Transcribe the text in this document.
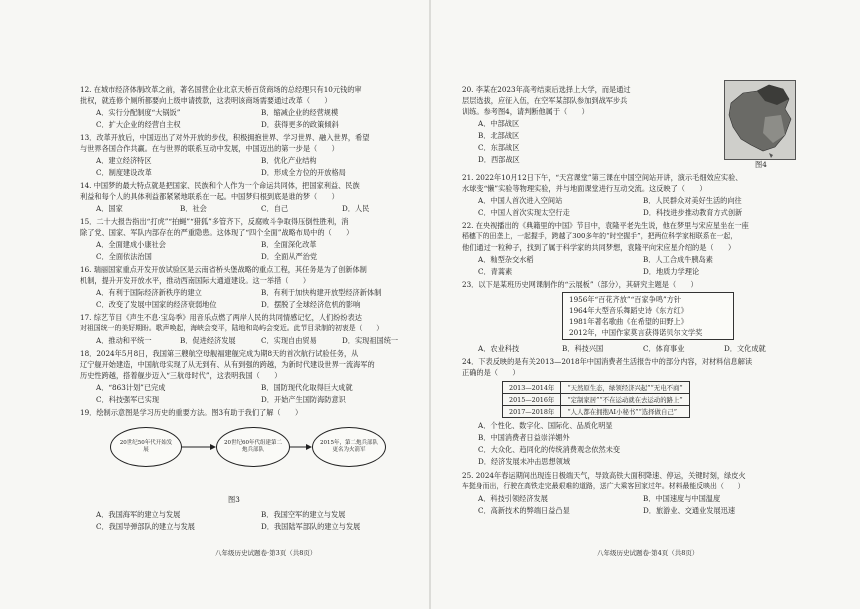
12. 在城市经济体制改革之前，著名国营企业北京天桥百货商场的总经理只有10元钱的审
批权，就连修个厕所都要向上级申请拨款，这表明该商场需要通过改革（　　）
A．实行分配制度“大锅饭”	B．缩减企业的经营规模
C．扩大企业的经营自主权	D．获得更多的政策倾斜
13．改革开放后，中国迈出了对外开放的步伐，积极拥抱世界、学习世界、融入世界，希望
与世界各国合作共赢。在与世界的联系互动中发展，中国迈出的第一步是（　　）
A．建立经济特区	B．优化产业结构
C．制度建设改革	D．形成全方位的开放格局
14. 中国梦的最大特点就是把国家、民族和个人作为一个命运共同体，把国家利益、民族
利益和每个人的具体利益都紧紧地联系在一起。中国梦归根到底是谁的梦（　　）
A．国家	B．社会	C．自己	D．人民
15．二十大报告指出“打虎”“拍蝇”“猎狐”多管齐下，反腐败斗争取得压倒性胜利，消
除了党、国家、军队内部存在的严重隐患。这体现了“四个全面”战略布局中的（　　）
A．全面建成小康社会	B．全面深化改革
C．全面依法治国	D．全面从严治党
16. 瑞丽国家重点开发开放试验区是云南省桥头堡战略的重点工程，其任务是为了创新体制
机制，提升开发开放水平，推动西南国际大通道建设。这一举措（　　）
A．有利于国际经济新秩序的建立	B．有利于加快构建开放型经济新体制
C．改变了发展中国家的经济衰弱地位	D．摆脱了全球经济危机的影响
17. 综艺节目《声生不息·宝岛季》用音乐点燃了两岸人民的共同情感记忆，人们纷纷表达
对祖国统一的美好期盼。歌声唤起，海峡会变平，陆地和岛屿会变近。此节目录制的初衷是（　　）
A．推动和平统一	B．促进经济发展	C．实现自由贸易	D．实现祖国统一
18．2024年5月8日，我国第三艘航空母舰福建舰完成为期8天的首次航行试验任务，从
辽宁舰开始建造，中国航母实现了从无到有、从有到强的跨越，为新时代建设世界一流海军的
历史性跨越，搭着舰步迈入“三航母时代”，这表明我国（　　）
A．“863计划”已完成	B．国防现代化取得巨大成就
C．科技强军已实现	D．开始产生国防海防意识
19．绘制示意图是学习历史的重要方法。图3有助于我们了解（　　）
20世纪50年代开始发展
20世纪60年代组建第二炮兵部队
2015年，第二炮兵部队更名为火箭军
图3
A．我国海军的建立与发展	B．我国空军的建立与发展
C．我国导弹部队的建立与发展	D．我国陆军部队的建立与发展
八年级历史试题卷·第3页（共8页）
20. 李某在2023年高考结束后选择上大学，而是通过
层层选拔，应征入伍，在空军某部队参加到战军步兵
训练。参考图4，请判断他属于（　　）
A．中部战区
B．北部战区
C．东部战区
D．西部战区
图4
21. 2022年10月12日下午，“天宫课堂”第三课在中国空间站开讲，演示毛细效应实验、
水球变“懒”实验等物理实验，并与地面课堂进行互动交流。这反映了（　　）
A．中国人首次进入空间站	B．人民群众对美好生活的向往
C．中国人首次实现太空行走	D．科技进步推动教育方式创新
22. 在央视播出的《典籍里的中国》节目中，袁隆平老先生说，他在梦里与宋应星坐在一座
稻穗下的田垄上，一起握手，跨越了300多年的“时空握手”，把两位科学家相联系在一起，
他们通过一粒种子，找到了属于科学家的共同梦想，袁隆平向宋应星介绍的是（　　）
A．籼型杂交水稻	B．人工合成牛胰岛素
C．青蒿素	D．地质力学理论
23．以下是某班历史网课制作的“云展板”（部分），其研究主题是（　　）
1956年“百花齐放”“百家争鸣”方针
1964年大型音乐舞蹈史诗《东方红》
1981年著名歌曲《在希望的田野上》
2012年，中国作家莫言获得诺贝尔文学奖
A．农业科技	B．科技兴国	C．体育事业	D．文化成就
24．下表反映的是有关2013—2018年中国消费者生活报告中的部分内容，对材料信息解读
正确的是（　　）
2013—2014年	“天然原生态，绿领经济兴起”“无电不商”
2015—2016年	“定制家居”“不在运动就在去运动的路上”
2017—2018年	“人人都在拥抱AI小秘书”“选择做自己”
A．个性化、数字化、国际化、品质化明显
B．中国消费者日益崇洋媚外
C．大众化、趋同化的传统消费观念依然未变
D．经济发展未冲击思想领域
25. 2024年春运期间出现连日极端天气，导致高铁大面积降速、停运，关键时刻，绿皮火
车挺身而出，行驶在高铁走完最艰难的道路，送广大乘客回家过年。材料最能反映出（　　）
A．科技引领经济发展	B．中国速度与中国温度
C．高新技术的弊端日益凸显	D．旅游业、交通业发展迅速
八年级历史试题卷·第4页（共8页）
